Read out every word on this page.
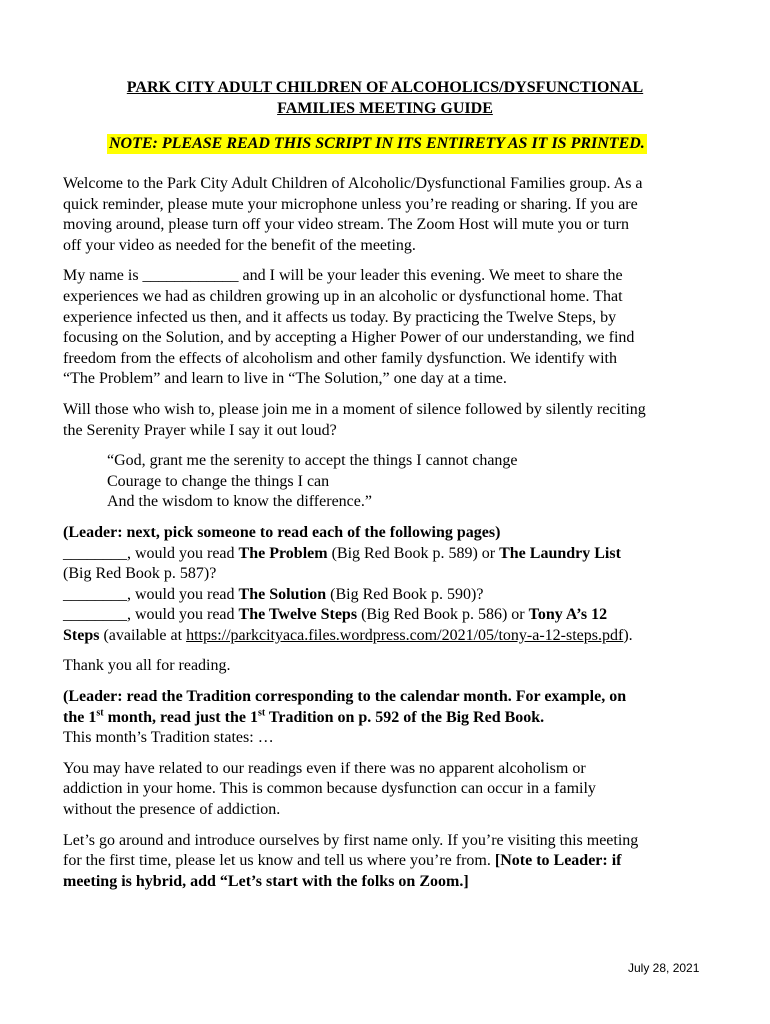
PARK CITY ADULT CHILDREN OF ALCOHOLICS/DYSFUNCTIONAL
FAMILIES MEETING GUIDE
NOTE: PLEASE READ THIS SCRIPT IN ITS ENTIRETY AS IT IS PRINTED.

Welcome to the Park City Adult Children of Alcoholic/Dysfunctional Families group. As a
quick reminder, please mute your microphone unless you’re reading or sharing. If you are
moving around, please turn off your video stream. The Zoom Host will mute you or turn
off your video as needed for the benefit of the meeting.

My name is ____________ and I will be your leader this evening. We meet to share the
experiences we had as children growing up in an alcoholic or dysfunctional home. That
experience infected us then, and it affects us today. By practicing the Twelve Steps, by
focusing on the Solution, and by accepting a Higher Power of our understanding, we find
freedom from the effects of alcoholism and other family dysfunction. We identify with
“The Problem” and learn to live in “The Solution,” one day at a time.

Will those who wish to, please join me in a moment of silence followed by silently reciting
the Serenity Prayer while I say it out loud?

“God, grant me the serenity to accept the things I cannot change
Courage to change the things I can
And the wisdom to know the difference.”

(Leader: next, pick someone to read each of the following pages)
________, would you read The Problem (Big Red Book p. 589) or The Laundry List
(Big Red Book p. 587)?
________, would you read The Solution (Big Red Book p. 590)?
________, would you read The Twelve Steps (Big Red Book p. 586) or Tony A’s 12
Steps (available at https://parkcityaca.files.wordpress.com/2021/05/tony-a-12-steps.pdf).

Thank you all for reading.

(Leader: read the Tradition corresponding to the calendar month. For example, on
the 1st month, read just the 1st Tradition on p. 592 of the Big Red Book.
This month’s Tradition states: …

You may have related to our readings even if there was no apparent alcoholism or
addiction in your home. This is common because dysfunction can occur in a family
without the presence of addiction.

Let’s go around and introduce ourselves by first name only. If you’re visiting this meeting
for the first time, please let us know and tell us where you’re from. [Note to Leader: if
meeting is hybrid, add “Let’s start with the folks on Zoom.]

July 28, 2021
